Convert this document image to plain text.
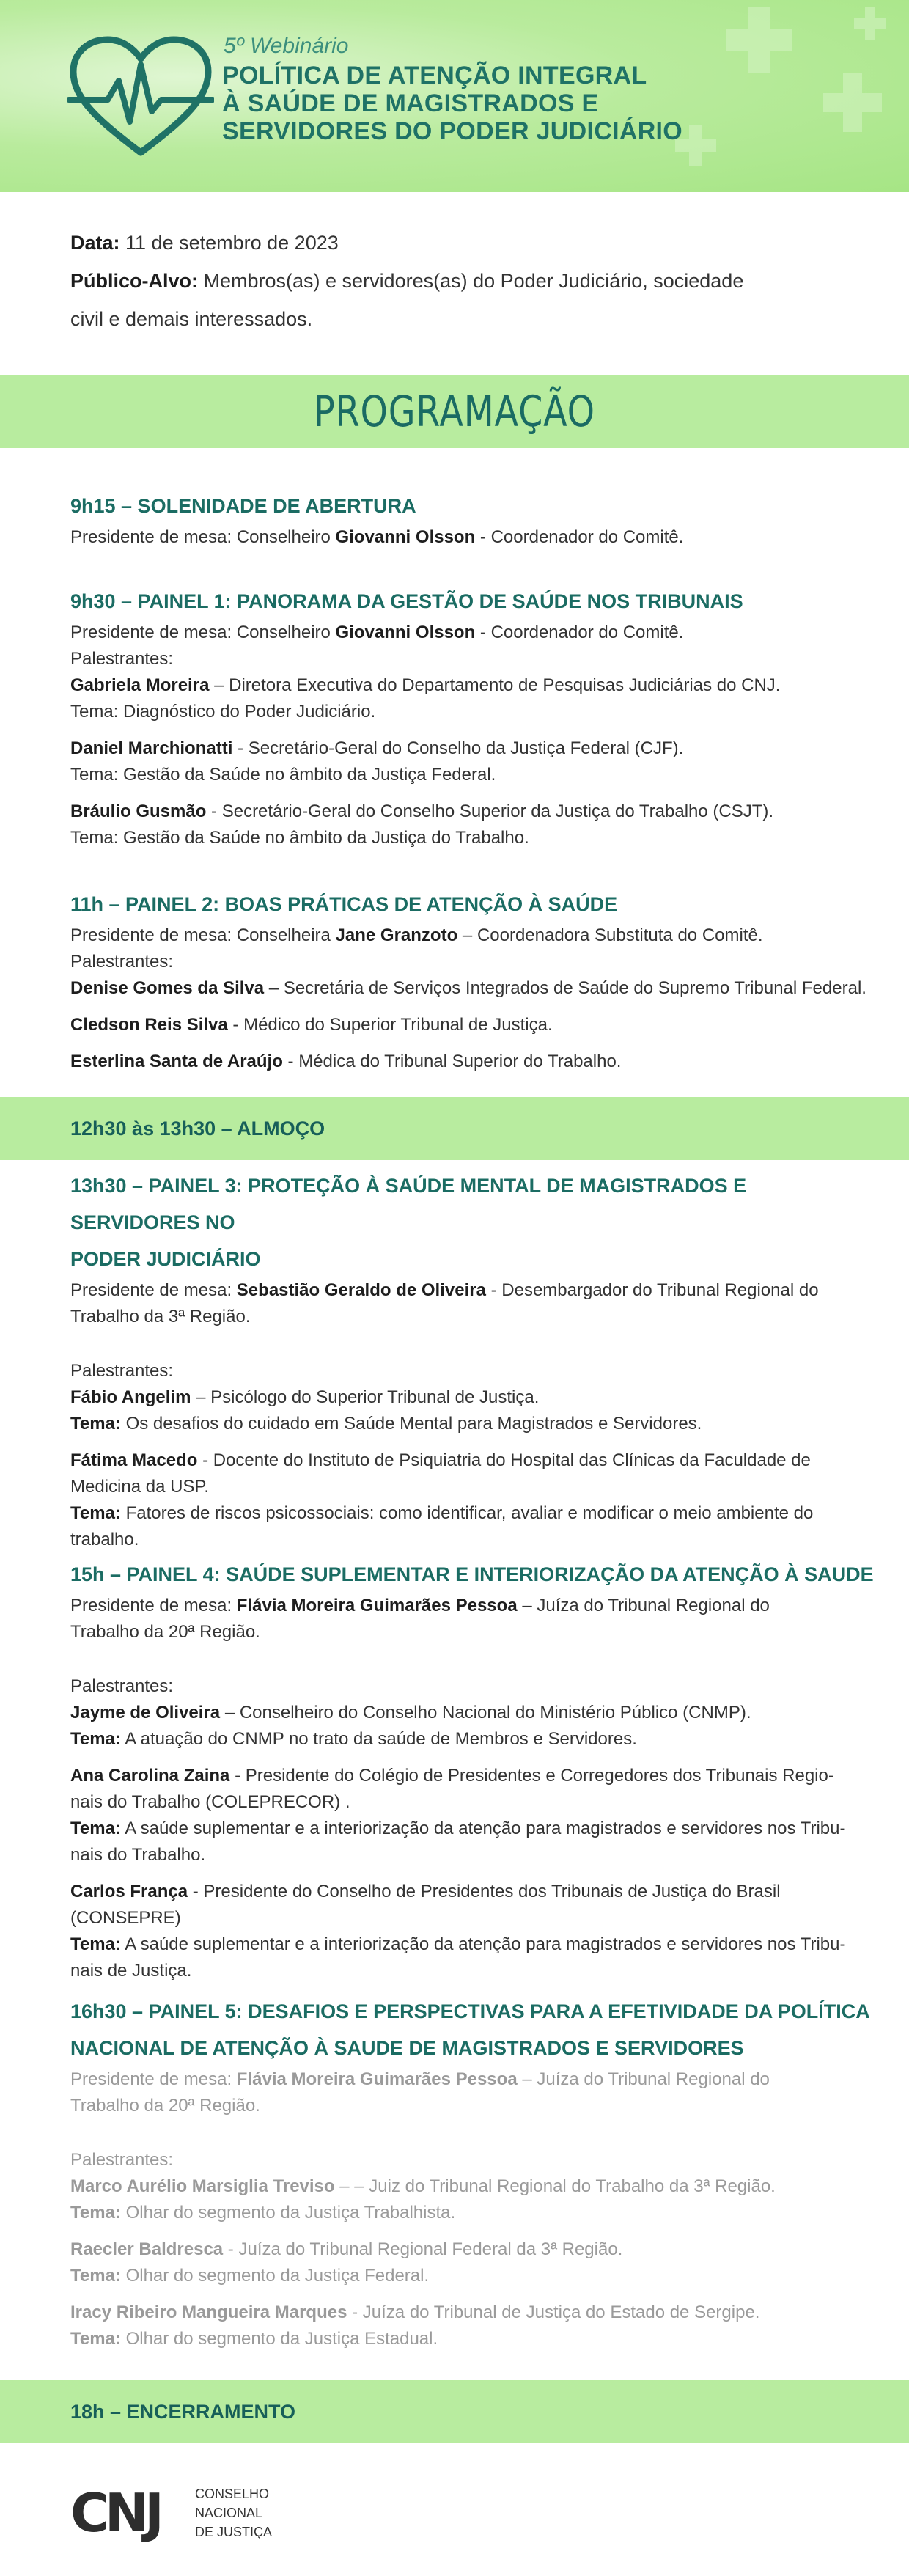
5º Webinário
POLÍTICA DE ATENÇÃO INTEGRAL
À SAÚDE DE MAGISTRADOS E
SERVIDORES DO PODER JUDICIÁRIO
Data: 11 de setembro de 2023
Público-Alvo: Membros(as) e servidores(as) do Poder Judiciário, sociedade
civil e demais interessados.
PROGRAMAÇÃO
9h15 – SOLENIDADE DE ABERTURA
Presidente de mesa: Conselheiro Giovanni Olsson - Coordenador do Comitê.
9h30 – PAINEL 1: PANORAMA DA GESTÃO DE SAÚDE NOS TRIBUNAIS
Presidente de mesa: Conselheiro Giovanni Olsson - Coordenador do Comitê.
Palestrantes:
Gabriela Moreira – Diretora Executiva do Departamento de Pesquisas Judiciárias do CNJ.
Tema: Diagnóstico do Poder Judiciário.
Daniel Marchionatti - Secretário-Geral do Conselho da Justiça Federal (CJF).
Tema: Gestão da Saúde no âmbito da Justiça Federal.
Bráulio Gusmão - Secretário-Geral do Conselho Superior da Justiça do Trabalho (CSJT).
Tema: Gestão da Saúde no âmbito da Justiça do Trabalho.
11h – PAINEL 2: BOAS PRÁTICAS DE ATENÇÃO À SAÚDE
Presidente de mesa: Conselheira Jane Granzoto – Coordenadora Substituta do Comitê.
Palestrantes:
Denise Gomes da Silva – Secretária de Serviços Integrados de Saúde do Supremo Tribunal Federal.
Cledson Reis Silva - Médico do Superior Tribunal de Justiça.
Esterlina Santa de Araújo - Médica do Tribunal Superior do Trabalho.
12h30 às 13h30 – ALMOÇO
13h30 – PAINEL 3: PROTEÇÃO À SAÚDE MENTAL DE MAGISTRADOS E SERVIDORES NO
PODER JUDICIÁRIO
Presidente de mesa: Sebastião Geraldo de Oliveira - Desembargador do Tribunal Regional do
Trabalho da 3ª Região.
Palestrantes:
Fábio Angelim – Psicólogo do Superior Tribunal de Justiça.
Tema: Os desafios do cuidado em Saúde Mental para Magistrados e Servidores.
Fátima Macedo - Docente do Instituto de Psiquiatria do Hospital das Clínicas da Faculdade de
Medicina da USP.
Tema: Fatores de riscos psicossociais: como identificar, avaliar e modificar o meio ambiente do
trabalho.
15h – PAINEL 4: SAÚDE SUPLEMENTAR E INTERIORIZAÇÃO DA ATENÇÃO À SAUDE
Presidente de mesa: Flávia Moreira Guimarães Pessoa – Juíza do Tribunal Regional do
Trabalho da 20ª Região.
Palestrantes:
Jayme de Oliveira – Conselheiro do Conselho Nacional do Ministério Público (CNMP).
Tema: A atuação do CNMP no trato da saúde de Membros e Servidores.
Ana Carolina Zaina - Presidente do Colégio de Presidentes e Corregedores dos Tribunais Regio-
nais do Trabalho (COLEPRECOR) .
Tema: A saúde suplementar e a interiorização da atenção para magistrados e servidores nos Tribu-
nais do Trabalho.
Carlos França - Presidente do Conselho de Presidentes dos Tribunais de Justiça do Brasil (CONSEPRE)
Tema: A saúde suplementar e a interiorização da atenção para magistrados e servidores nos Tribu-
nais de Justiça.
16h30 – PAINEL 5: DESAFIOS E PERSPECTIVAS PARA A EFETIVIDADE DA POLÍTICA
NACIONAL DE ATENÇÃO À SAUDE DE MAGISTRADOS E SERVIDORES
Presidente de mesa: Flávia Moreira Guimarães Pessoa – Juíza do Tribunal Regional do
Trabalho da 20ª Região.
Palestrantes:
Marco Aurélio Marsiglia Treviso – – Juiz do Tribunal Regional do Trabalho da 3ª Região.
Tema: Olhar do segmento da Justiça Trabalhista.
Raecler Baldresca - Juíza do Tribunal Regional Federal da 3ª Região.
Tema: Olhar do segmento da Justiça Federal.
Iracy Ribeiro Mangueira Marques - Juíza do Tribunal de Justiça do Estado de Sergipe.
Tema: Olhar do segmento da Justiça Estadual.
18h – ENCERRAMENTO
CNJ	CONSELHO
NACIONAL
DE JUSTIÇA
